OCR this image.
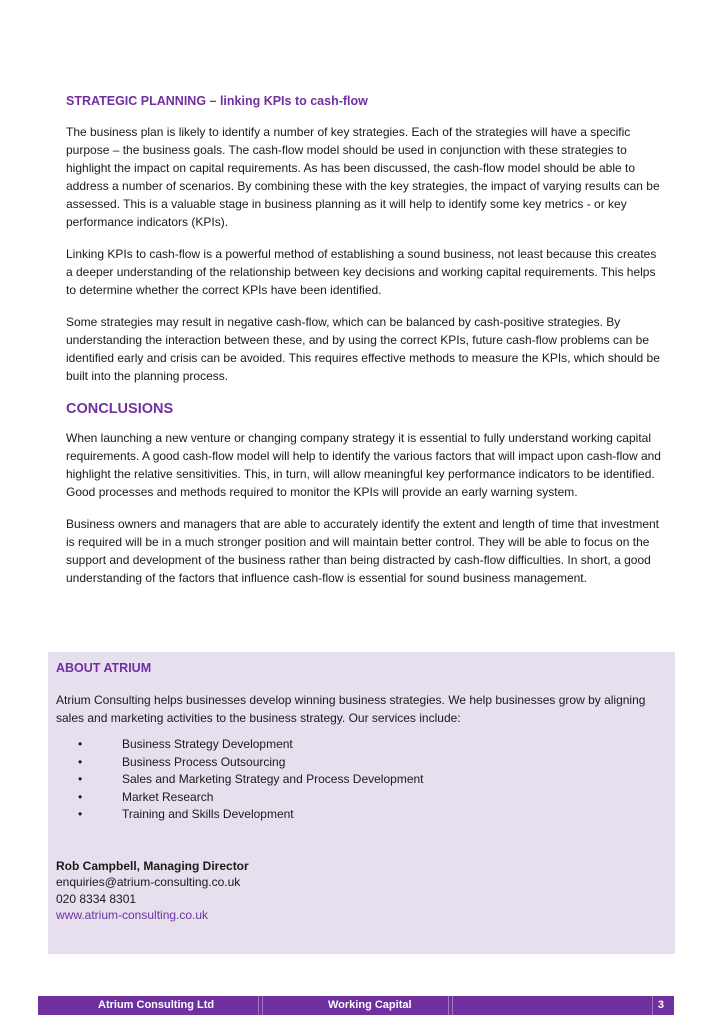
STRATEGIC PLANNING – linking KPIs to cash-flow

The business plan is likely to identify a number of key strategies. Each of the strategies will have a specific purpose – the business goals. The cash-flow model should be used in conjunction with these strategies to highlight the impact on capital requirements. As has been discussed, the cash-flow model should be able to address a number of scenarios. By combining these with the key strategies, the impact of varying results can be assessed. This is a valuable stage in business planning as it will help to identify some key metrics - or key performance indicators (KPIs).

Linking KPIs to cash-flow is a powerful method of establishing a sound business, not least because this creates a deeper understanding of the relationship between key decisions and working capital requirements. This helps to determine whether the correct KPIs have been identified.

Some strategies may result in negative cash-flow, which can be balanced by cash-positive strategies. By understanding the interaction between these, and by using the correct KPIs, future cash-flow problems can be identified early and crisis can be avoided. This requires effective methods to measure the KPIs, which should be built into the planning process.

CONCLUSIONS

When launching a new venture or changing company strategy it is essential to fully understand working capital requirements. A good cash-flow model will help to identify the various factors that will impact upon cash-flow and highlight the relative sensitivities. This, in turn, will allow meaningful key performance indicators to be identified. Good processes and methods required to monitor the KPIs will provide an early warning system.

Business owners and managers that are able to accurately identify the extent and length of time that investment is required will be in a much stronger position and will maintain better control. They will be able to focus on the support and development of the business rather than being distracted by cash-flow difficulties. In short, a good understanding of the factors that influence cash-flow is essential for sound business management.

ABOUT ATRIUM
Atrium Consulting helps businesses develop winning business strategies. We help businesses grow by aligning sales and marketing activities to the business strategy. Our services include:
•	Business Strategy Development
•	Business Process Outsourcing
•	Sales and Marketing Strategy and Process Development
•	Market Research
•	Training and Skills Development
Rob Campbell, Managing Director
enquiries@atrium-consulting.co.uk
020 8334 8301
www.atrium-consulting.co.uk
Atrium Consulting Ltd	Working Capital	3
